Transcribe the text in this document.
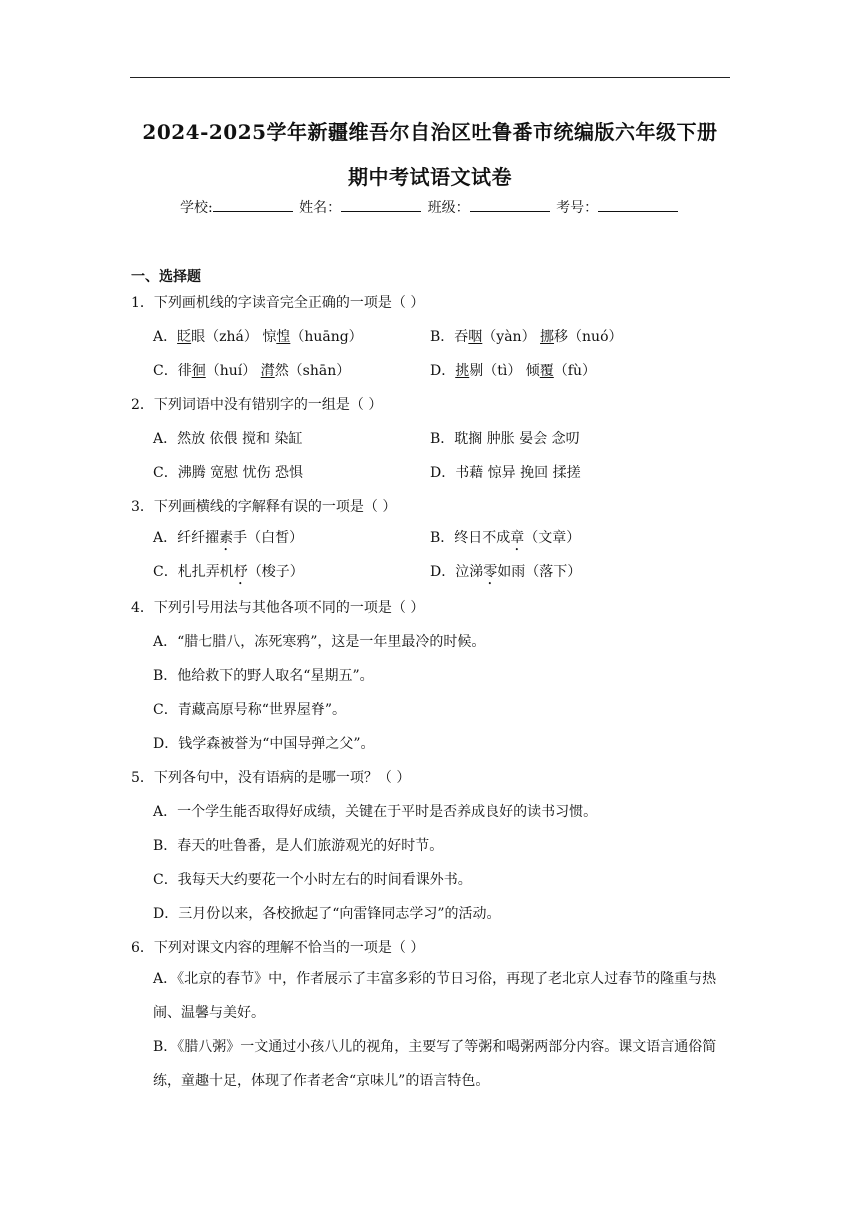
2024-2025学年新疆维吾尔自治区吐鲁番市统编版六年级下册
期中考试语文试卷
学校:	姓名：	班级：	考号：
一、选择题
1．下列画机线的字读音完全正确的一项是（ ）
A．眨眼（zhá） 惊惶（huāng）	B．吞咽（yàn） 挪移（nuó）
C．徘徊（huí） 潸然（shān）	D．挑剔（tì） 倾覆（fù）
2．下列词语中没有错别字的一组是（ ）
A．然放 依偎 搅和 染缸	B．耽搁 肿胀 晏会 念叨
C．沸腾 宽慰 忧伤 恐惧	D．书藉 惊异 挽回 揉搓
3．下列画横线的字解释有误的一项是（ ）
A．纤纤擢素手（白皙）	B．终日不成章（文章）
C．札扎弄机杼（梭子）	D．泣涕零如雨（落下）
4．下列引号用法与其他各项不同的一项是（ ）
A．“腊七腊八，冻死寒鸦”，这是一年里最冷的时候。
B．他给救下的野人取名“星期五”。
C．青藏高原号称“世界屋脊”。
D．钱学森被誉为“中国导弹之父”。
5．下列各句中，没有语病的是哪一项？（ ）
A．一个学生能否取得好成绩，关键在于平时是否养成良好的读书习惯。
B．春天的吐鲁番，是人们旅游观光的好时节。
C．我每天大约要花一个小时左右的时间看课外书。
D．三月份以来，各校掀起了“向雷锋同志学习”的活动。
6．下列对课文内容的理解不恰当的一项是（ ）
A．《北京的春节》中，作者展示了丰富多彩的节日习俗，再现了老北京人过春节的隆重与热闹、温馨与美好。
B．《腊八粥》一文通过小孩八儿的视角，主要写了等粥和喝粥两部分内容。课文语言通俗简练，童趣十足，体现了作者老舍“京味儿”的语言特色。
